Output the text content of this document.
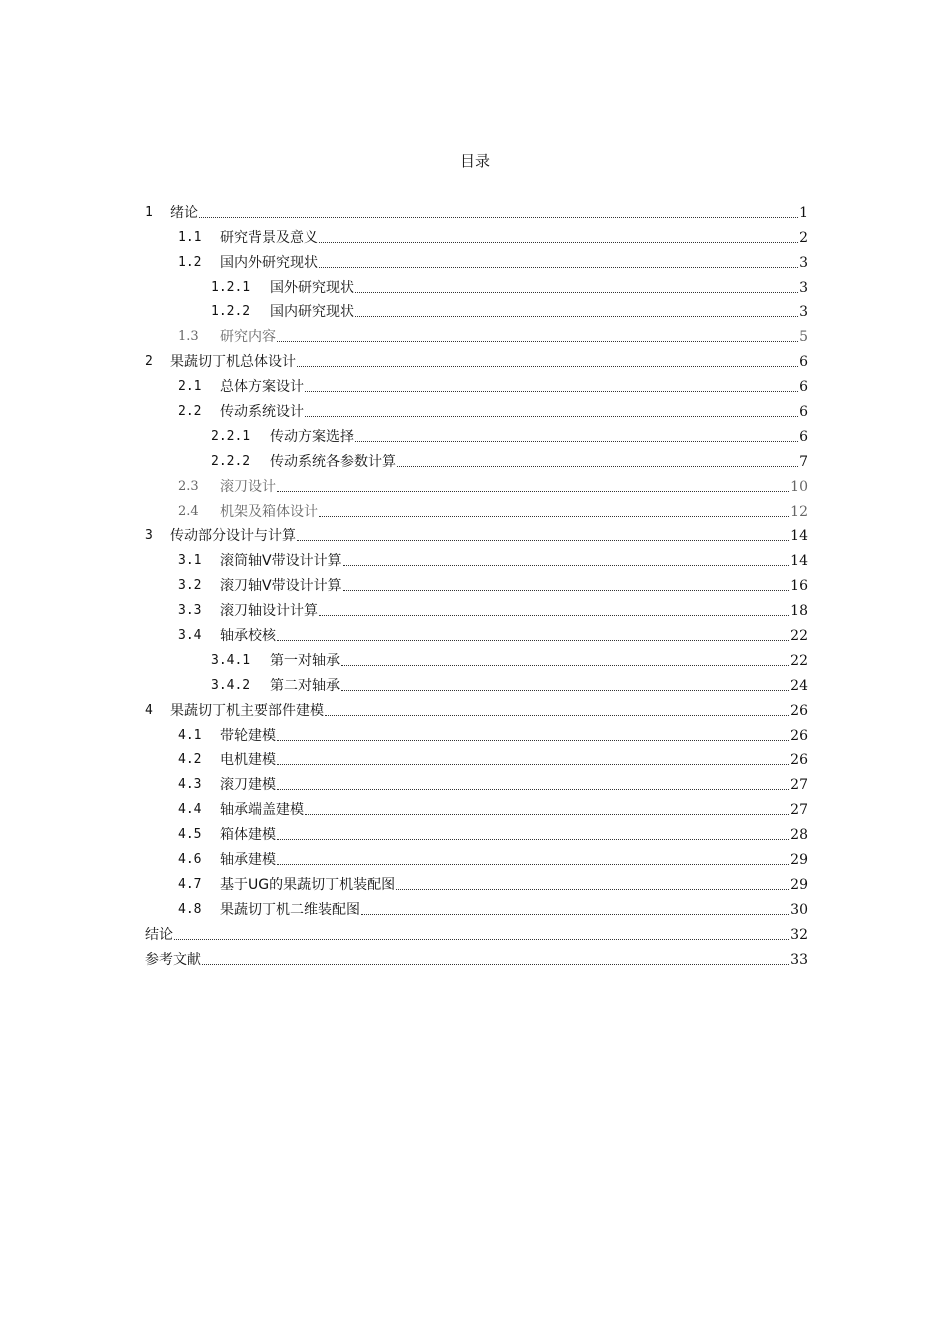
目录
1	绪论	1
1.1	研究背景及意义	2
1.2	国内外研究现状	3
1.2.1	国外研究现状	3
1.2.2	国内研究现状	3
1.3	研究内容	5
2	果蔬切丁机总体设计	6
2.1	总体方案设计	6
2.2	传动系统设计	6
2.2.1	传动方案选择	6
2.2.2	传动系统各参数计算	7
2.3	滚刀设计	10
2.4	机架及箱体设计	12
3	传动部分设计与计算	14
3.1	滚筒轴V带设计计算	14
3.2	滚刀轴V带设计计算	16
3.3	滚刀轴设计计算	18
3.4	轴承校核	22
3.4.1	第一对轴承	22
3.4.2	第二对轴承	24
4	果蔬切丁机主要部件建模	26
4.1	带轮建模	26
4.2	电机建模	26
4.3	滚刀建模	27
4.4	轴承端盖建模	27
4.5	箱体建模	28
4.6	轴承建模	29
4.7	基于UG的果蔬切丁机装配图	29
4.8	果蔬切丁机二维装配图	30
结论	32
参考文献	33
